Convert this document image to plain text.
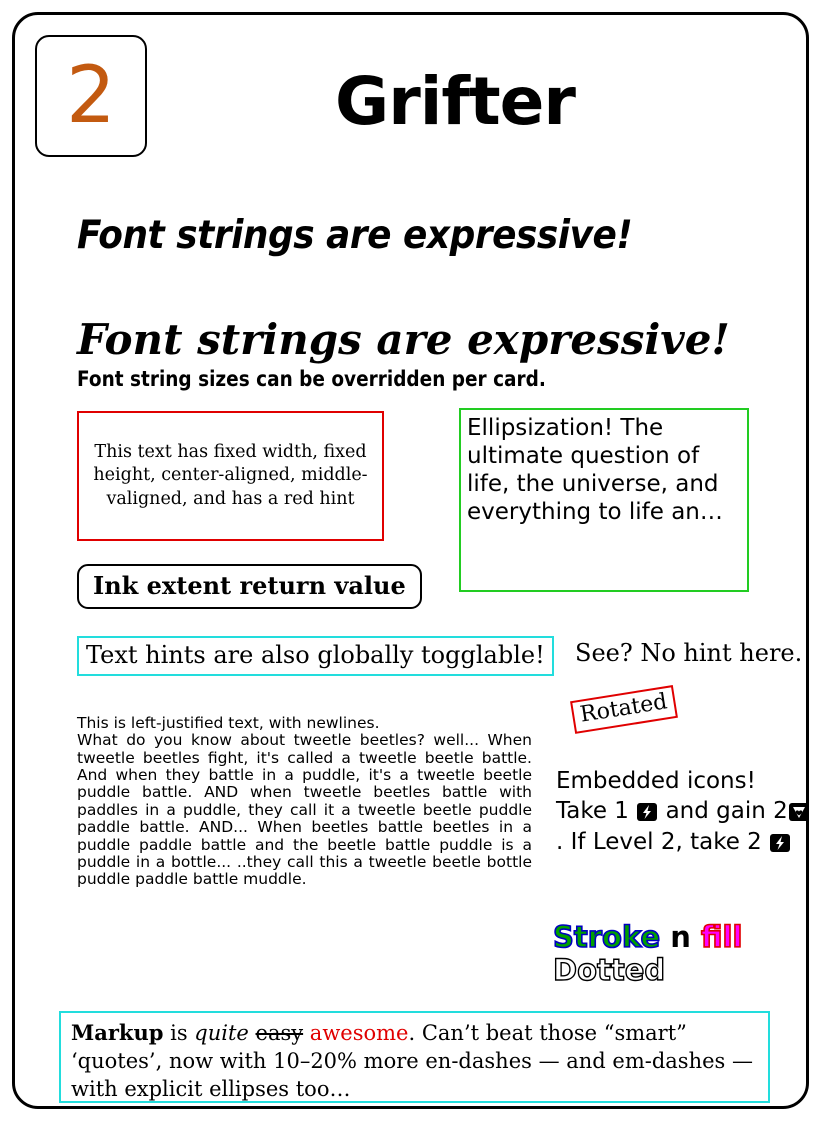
2	Grifter
Font strings are expressive!
Font strings are expressive!
Font string sizes can be overridden per card.
This text has fixed width, fixed height, center-aligned, middle-valigned, and has a red hint
Ellipsization! The ultimate question of life, the universe, and everything to life an…
Ink extent return value
Text hints are also globally togglable!	See? No hint here.
This is left-justified text, with newlines.
What do you know about tweetle beetles? well... When tweetle beetles fight, it's called a tweetle beetle battle. And when they battle in a puddle, it's a tweetle beetle puddle battle. AND when tweetle beetles battle with paddles in a puddle, they call it a tweetle beetle puddle paddle battle. AND... When beetles battle beetles in a puddle paddle battle and the beetle battle puddle is a puddle in a bottle... ..they call this a tweetle beetle bottle puddle paddle battle muddle.
Rotated
Embedded icons! Take 1 and gain 2
. If Level 2, take 2
Stroke n fill
Dotted
Markup is quite easy awesome. Can’t beat those “smart” ‘quotes’, now with 10–20% more en-dashes — and em-dashes — with explicit ellipses too…
